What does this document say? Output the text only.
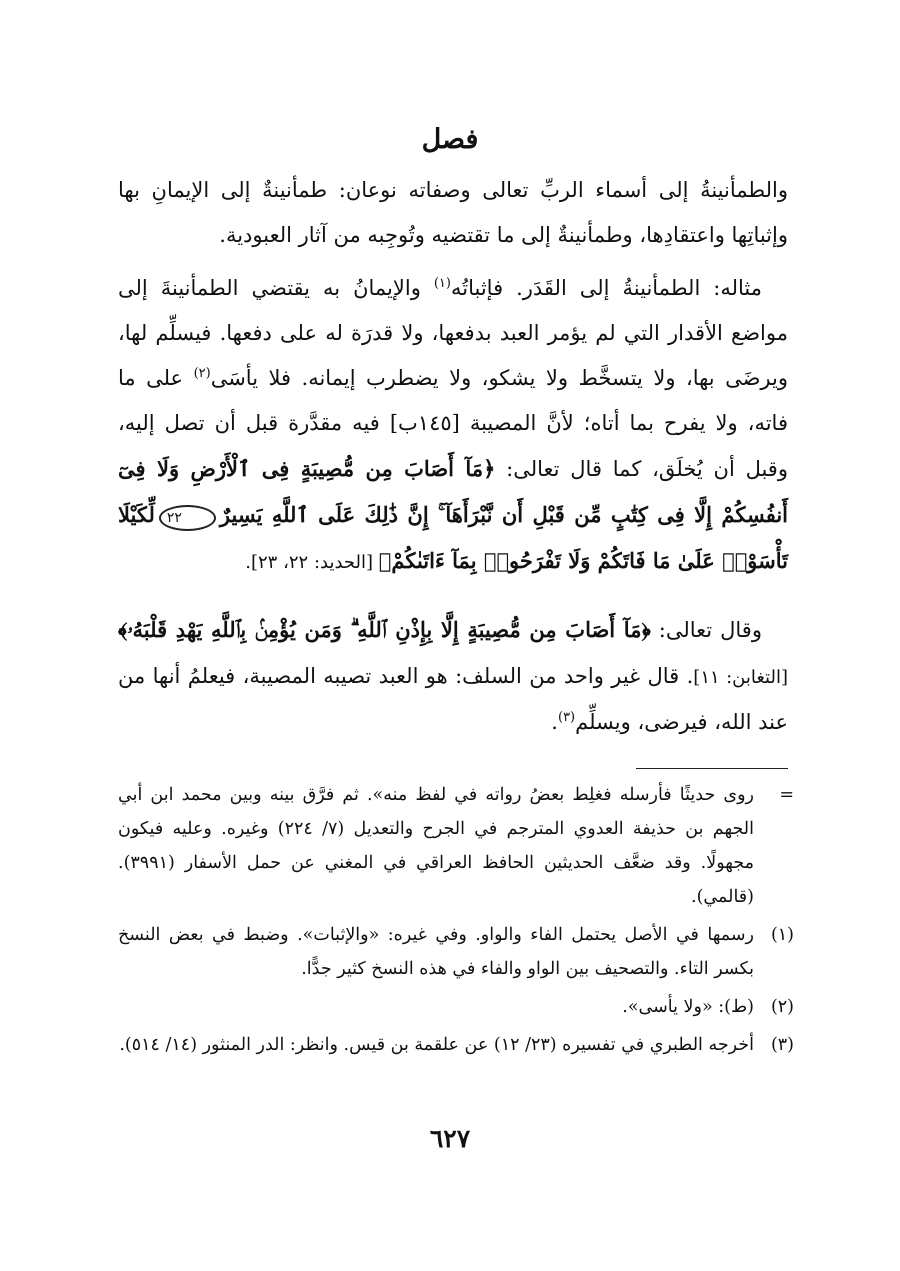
فصل
والطمأنينةُ إلى أسماء الربِّ تعالى وصفاته نوعان: طمأنينةٌ إلى الإيمانِ بها وإثباتِها واعتقادِها، وطمأنينةٌ إلى ما تقتضيه وتُوجِبه من آثار العبودية.
مثاله: الطمأنينةُ إلى القَدَر. فإثباتُه$^{(١)}$ والإيمانُ به يقتضي الطمأنينةَ إلى مواضع الأقدار التي لم يؤمر العبد بدفعها، ولا قدرَة له على دفعها. فيسلِّم لها، ويرضَى بها، ولا يتسخَّط ولا يشكو، ولا يضطرب إيمانه. فلا يأسَى$^{(٢)}$ على ما فاته، ولا يفرح بما أتاه؛ لأنَّ المصيبة [١٤٥ب] فيه مقدَّرة قبل أن تصل إليه، وقبل أن يُخلَق، كما قال تعالى: ﴿مَآ أَصَابَ مِن مُّصِيبَةٍ فِى ٱلْأَرْضِ وَلَا فِىٓ أَنفُسِكُمْ إِلَّا فِى كِتَٰبٍ مِّن قَبْلِ أَن نَّبْرَأَهَآ ۚ إِنَّ ذَٰلِكَ عَلَى ٱللَّهِ يَسِيرٌ٢٢لِّكَيْلَا تَأْسَوْا۟ عَلَىٰ مَا فَاتَكُمْ وَلَا تَفْرَحُوا۟ بِمَآ ءَاتَىٰكُمْ﴾ [الحديد: ٢٢، ٢٣].
وقال تعالى: ﴿مَآ أَصَابَ مِن مُّصِيبَةٍ إِلَّا بِإِذْنِ ٱللَّهِ ۗ وَمَن يُؤْمِنۢ بِٱللَّهِ يَهْدِ قَلْبَهُۥ﴾ [التغابن: ١١]. قال غير واحد من السلف: هو العبد تصيبه المصيبة، فيعلمُ أنها من عند الله، فيرضى، ويسلِّم$^{(٣)}$.
=
روى حديثًا فأرسله فغلِط بعضُ رواته في لفظ منه». ثم فرَّق بينه وبين محمد ابن أبي الجهم بن حذيفة العدوي المترجم في الجرح والتعديل (٧/ ٢٢٤) وغيره. وعليه فيكون مجهولًا. وقد ضعَّف الحديثين الحافظ العراقي في المغني عن حمل الأسفار (٣٩٩١). (قالمي).
(١)
رسمها في الأصل يحتمل الفاء والواو. وفي غيره: «والإثبات». وضبط في بعض النسخ بكسر التاء. والتصحيف بين الواو والفاء في هذه النسخ كثير جدًّا.
(٢)
(ط): «ولا يأسى».
(٣)
أخرجه الطبري في تفسيره (٢٣/ ١٢) عن علقمة بن قيس. وانظر: الدر المنثور (١٤/ ٥١٤).
٦٢٧
